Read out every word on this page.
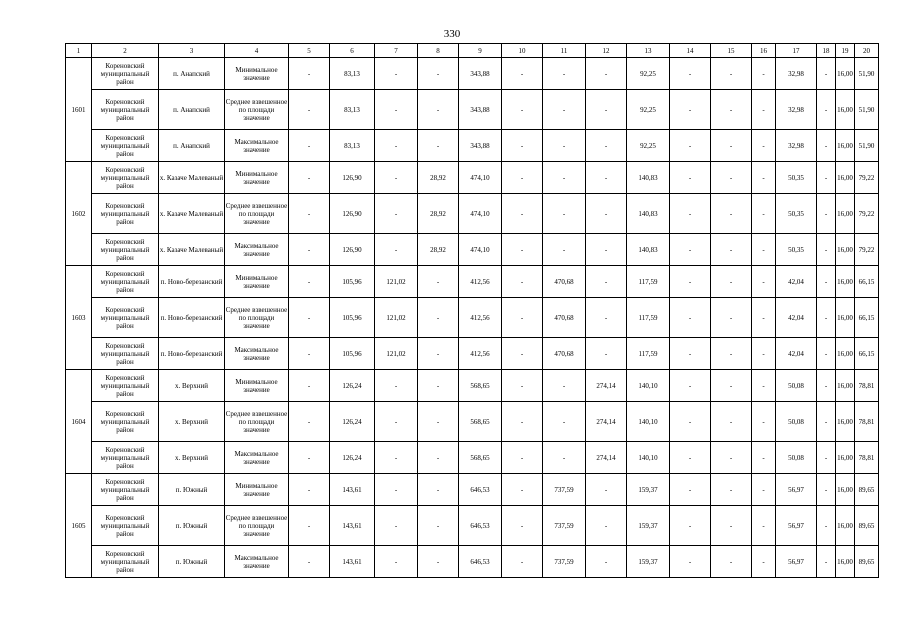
330
1	2	3	4	5	6	7	8	9	10	11	12	13	14	15	16	17	18	19	20
1601	Кореновский муниципальный район	п. Анапский	Минимальное значение	-	83,13	-	-	343,88	-	-	-	92,25	-	-	-	32,98	-	16,00	51,90
	Кореновский муниципальный район	п. Анапский	Среднее взвешенное по площади значение	-	83,13	-	-	343,88	-	-	-	92,25	-	-	-	32,98	-	16,00	51,90
	Кореновский муниципальный район	п. Анапский	Максимальное значение	-	83,13	-	-	343,88	-	-	-	92,25	-	-	-	32,98	-	16,00	51,90
1602	Кореновский муниципальный район	х. Казаче Малеваный	Минимальное значение	-	126,90	-	28,92	474,10	-	-	-	140,83	-	-	-	50,35	-	16,00	79,22
	Кореновский муниципальный район	х. Казаче Малеваный	Среднее взвешенное по площади значение	-	126,90	-	28,92	474,10	-	-	-	140,83	-	-	-	50,35	-	16,00	79,22
	Кореновский муниципальный район	х. Казаче Малеваный	Максимальное значение	-	126,90	-	28,92	474,10	-	-	-	140,83	-	-	-	50,35	-	16,00	79,22
1603	Кореновский муниципальный район	п. Ново-березанский	Минимальное значение	-	105,96	121,02	-	412,56	-	470,68	-	117,59	-	-	-	42,04	-	16,00	66,15
	Кореновский муниципальный район	п. Ново-березанский	Среднее взвешенное по площади значение	-	105,96	121,02	-	412,56	-	470,68	-	117,59	-	-	-	42,04	-	16,00	66,15
	Кореновский муниципальный район	п. Ново-березанский	Максимальное значение	-	105,96	121,02	-	412,56	-	470,68	-	117,59	-	-	-	42,04	-	16,00	66,15
1604	Кореновский муниципальный район	х. Верхний	Минимальное значение	-	126,24	-	-	568,65	-	-	274,14	140,10	-	-	-	50,08	-	16,00	78,81
	Кореновский муниципальный район	х. Верхний	Среднее взвешенное по площади значение	-	126,24	-	-	568,65	-	-	274,14	140,10	-	-	-	50,08	-	16,00	78,81
	Кореновский муниципальный район	х. Верхний	Максимальное значение	-	126,24	-	-	568,65	-	-	274,14	140,10	-	-	-	50,08	-	16,00	78,81
1605	Кореновский муниципальный район	п. Южный	Минимальное значение	-	143,61	-	-	646,53	-	737,59	-	159,37	-	-	-	56,97	-	16,00	89,65
	Кореновский муниципальный район	п. Южный	Среднее взвешенное по площади значение	-	143,61	-	-	646,53	-	737,59	-	159,37	-	-	-	56,97	-	16,00	89,65
	Кореновский муниципальный район	п. Южный	Максимальное значение	-	143,61	-	-	646,53	-	737,59	-	159,37	-	-	-	56,97	-	16,00	89,65
